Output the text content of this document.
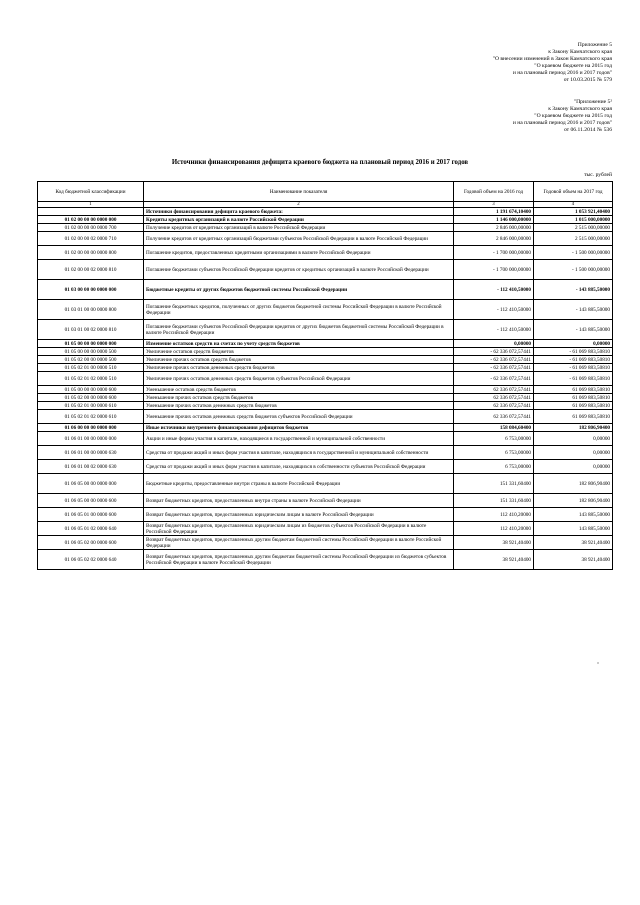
Приложение 5
к Закону Камчатского края
"О внесении изменений в Закон Камчатского края
"О краевом бюджете на 2015 год
и на плановый период 2016 и 2017 годов"
от 10.03.2015 № 579
"Приложение 5²
к Закону Камчатского края
"О краевом бюджете на 2015 год
и на плановый период 2016 и 2017 годов"
от 06.11.2014 № 536
Источники финансирования дефицита краевого бюджета на плановый период 2016 и 2017 годов
тыс. рублей
Код бюджетной классификации	Наименование показателя	Годовой объем на 2016 год	Годовой объем на 2017 год
1	2	3	4
	Источники финансирования дефицита краевого бюджета:	1 191 674,10400	1 053 921,40400
01 02 00 00 00 0000 000	Кредиты кредитных организаций в валюте Российской Федерации	1 146 000,00000	1 015 000,00000
01 02 00 00 00 0000 700	Получение кредитов от кредитных организаций в валюте Российской Федерации	2 846 000,00000	2 515 000,00000
01 02 00 00 02 0000 710	Получение кредитов от кредитных организаций бюджетами субъектов Российской Федерации в валюте Российской Федерации	2 846 000,00000	2 515 000,00000
01 02 00 00 00 0000 800	Погашение кредитов, предоставленных кредитными организациями в валюте Российской Федерации	- 1 700 000,00000	- 1 500 000,00000
01 02 00 00 02 0000 810	Погашение бюджетами субъектов Российской Федерации кредитов от кредитных организаций в валюте Российской Федерации	- 1 700 000,00000	- 1 500 000,00000
01 03 00 00 00 0000 000	Бюджетные кредиты от других бюджетов бюджетной системы Российской Федерации	- 112 410,50000	- 143 885,50000
01 03 01 00 00 0000 800	Погашение бюджетных кредитов, полученных от других бюджетов бюджетной системы Российской Федерации в валюте Российской Федерации	- 112 410,50000	- 143 885,50000
01 03 01 00 02 0000 810	Погашение бюджетами субъектов Российской Федерации кредитов от других бюджетов бюджетной системы Российской Федерации в валюте Российской Федерации	- 112 410,50000	- 143 885,50000
01 05 00 00 00 0000 000	Изменение остатков средств на счетах по учету средств бюджетов	0,00000	0,00000
01 05 00 00 00 0000 500	Увеличение остатков средств бюджетов	- 62 336 072,57441	- 61 069 883,50810
01 05 02 00 00 0000 500	Увеличение прочих остатков средств бюджетов	- 62 336 072,57441	- 61 069 883,50810
01 05 02 01 00 0000 510	Увеличение прочих остатков денежных средств бюджетов	- 62 336 072,57441	- 61 069 883,50810
01 05 02 01 02 0000 510	Увеличение прочих остатков денежных средств бюджетов субъектов Российской Федерации	- 62 336 072,57441	- 61 069 883,50810
01 05 00 00 00 0000 600	Уменьшение остатков средств бюджетов	62 336 072,57441	61 069 883,50810
01 05 02 00 00 0000 600	Уменьшение прочих остатков средств бюджетов	62 336 072,57441	61 069 883,50810
01 05 02 01 00 0000 610	Уменьшение прочих остатков денежных средств бюджетов	62 336 072,57441	61 069 883,50810
01 05 02 01 02 0000 610	Уменьшение прочих остатков денежных средств бюджетов субъектов Российской Федерации	62 336 072,57441	61 069 883,50810
01 06 00 00 00 0000 000	Иные источники внутреннего финансирования дефицитов бюджетов	158 084,60400	182 806,90400
01 06 01 00 00 0000 000	Акции и иные формы участия в капитале, находящиеся в государственной и муниципальной собственности	6 753,00000	0,00000
01 06 01 00 00 0000 630	Средства от продажи акций и иных форм участия в капитале, находящихся в государственной и муниципальной собственности	6 753,00000	0,00000
01 06 01 00 02 0000 630	Средства от продажи акций и иных форм участия в капитале, находящихся в собственности субъектов Российской Федерации	6 753,00000	0,00000
01 06 05 00 00 0000 000	Бюджетные кредиты, предоставленные внутри страны в валюте Российской Федерации	151 331,60400	182 806,90400
01 06 05 00 00 0000 600	Возврат бюджетных кредитов, предоставленных внутри страны в валюте Российской Федерации	151 331,60400	182 806,90400
01 06 05 01 00 0000 600	Возврат бюджетных кредитов, предоставленных юридическим лицам в валюте Российской Федерации	112 410,20000	143 885,50000
01 06 05 01 02 0000 640	Возврат бюджетных кредитов, предоставленных юридическим лицам из бюджетов субъектов Российской Федерации в валюте Российской Федерации	112 410,20000	143 885,50000
01 06 05 02 00 0000 600	Возврат бюджетных кредитов, предоставленных другим бюджетам бюджетной системы Российской Федерации в валюте Российской Федерации	38 921,40400	38 921,40400
01 06 05 02 02 0000 640	Возврат бюджетных кредитов, предоставленных другим бюджетам бюджетной системы Российской Федерации из бюджетов субъектов Российской Федерации в валюте Российской Федерации	38 921,40400	38 921,40400
"
